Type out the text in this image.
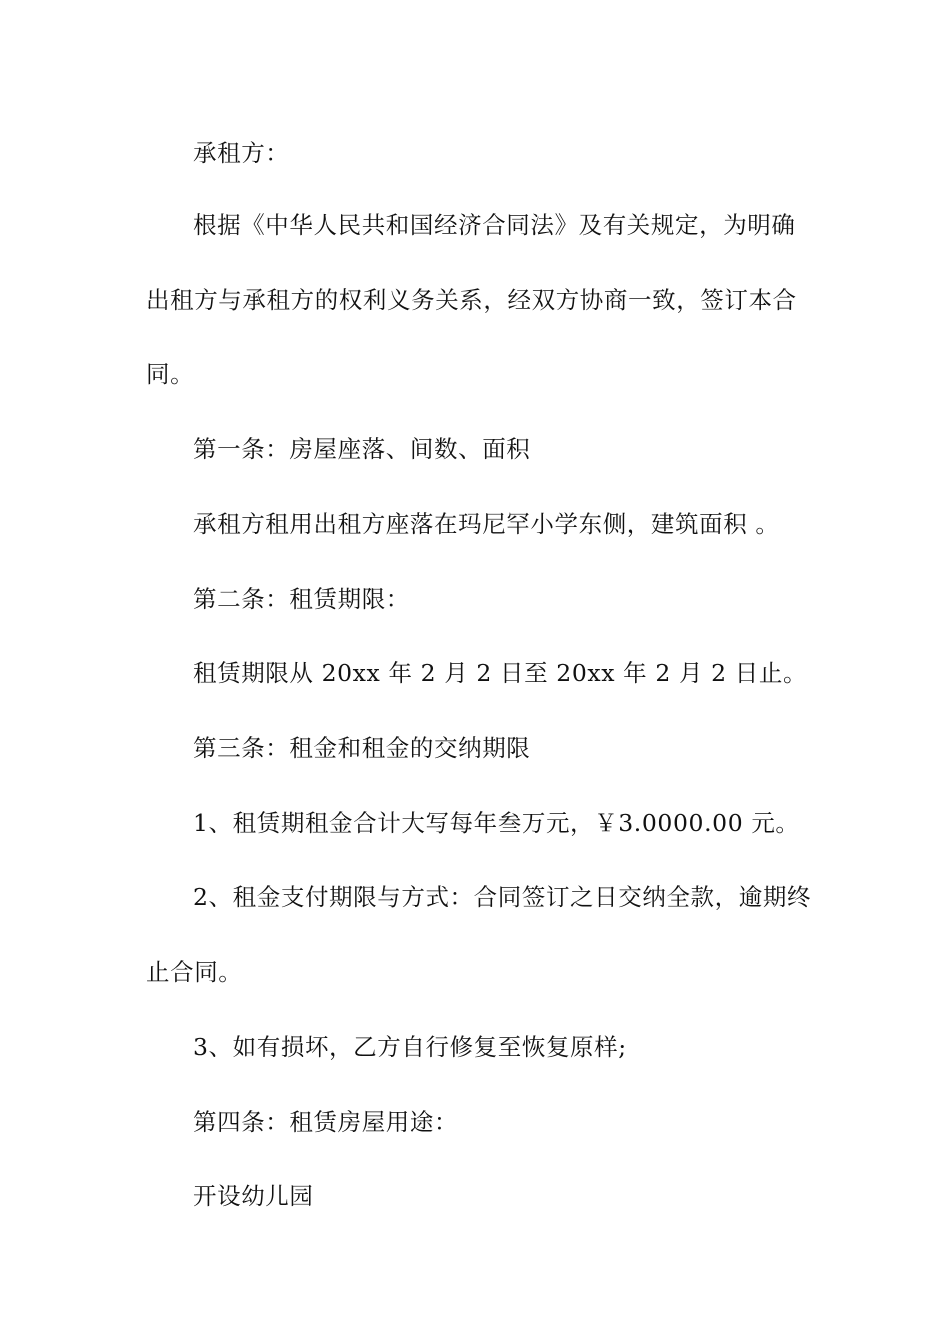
承租方：
根据《中华人民共和国经济合同法》及有关规定，为明确
出租方与承租方的权利义务关系，经双方协商一致，签订本合
同。
第一条：房屋座落、间数、面积
承租方租用出租方座落在玛尼罕小学东侧，建筑面积 。
第二条：租赁期限：
租赁期限从 20xx 年 2 月 2 日至 20xx 年 2 月 2 日止。
第三条：租金和租金的交纳期限
1、租赁期租金合计大写每年叁万元，￥3.0000.00 元。
2、租金支付期限与方式：合同签订之日交纳全款，逾期终
止合同。
3、如有损坏，乙方自行修复至恢复原样;
第四条：租赁房屋用途：
开设幼儿园
